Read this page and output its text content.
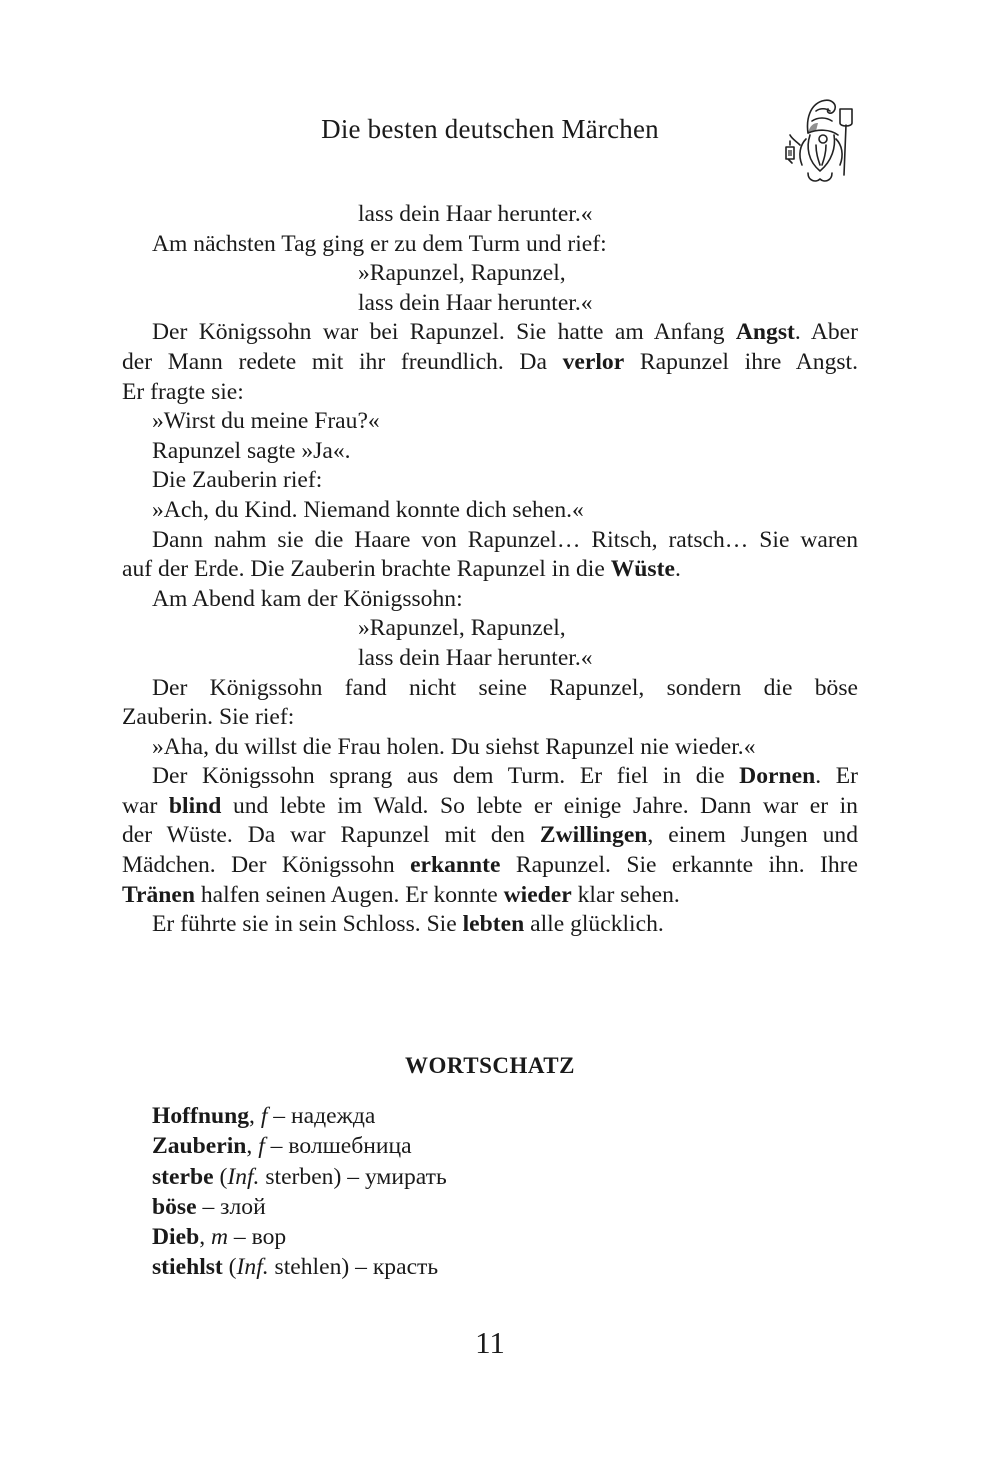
Die besten deutschen Märchen
lass dein Haar herunter.«
Am nächsten Tag ging er zu dem Turm und rief:
»Rapunzel, Rapunzel,
lass dein Haar herunter.«
Der Königssohn war bei Rapunzel. Sie hatte am Anfang Angst. Aber
der Mann redete mit ihr freundlich. Da verlor Rapunzel ihre Angst.
Er fragte sie:
»Wirst du meine Frau?«
Rapunzel sagte »Ja«.
Die Zauberin rief:
»Ach, du Kind. Niemand konnte dich sehen.«
Dann nahm sie die Haare von Rapunzel… Ritsch, ratsch… Sie waren
auf der Erde. Die Zauberin brachte Rapunzel in die Wüste.
Am Abend kam der Königssohn:
»Rapunzel, Rapunzel,
lass dein Haar herunter.«
Der Königssohn fand nicht seine Rapunzel, sondern die böse
Zauberin. Sie rief:
»Aha, du willst die Frau holen. Du siehst Rapunzel nie wieder.«
Der Königssohn sprang aus dem Turm. Er fiel in die Dornen. Er
war blind und lebte im Wald. So lebte er einige Jahre. Dann war er in
der Wüste. Da war Rapunzel mit den Zwillingen, einem Jungen und
Mädchen. Der Königssohn erkannte Rapunzel. Sie erkannte ihn. Ihre
Tränen halfen seinen Augen. Er konnte wieder klar sehen.
Er führte sie in sein Schloss. Sie lebten alle glücklich.
WORTSCHATZ
Hoffnung, f – надежда
Zauberin, f – волшебница
sterbe (Inf. sterben) – умирать
böse – злой
Dieb, m – вор
stiehlst (Inf. stehlen) – красть
11
